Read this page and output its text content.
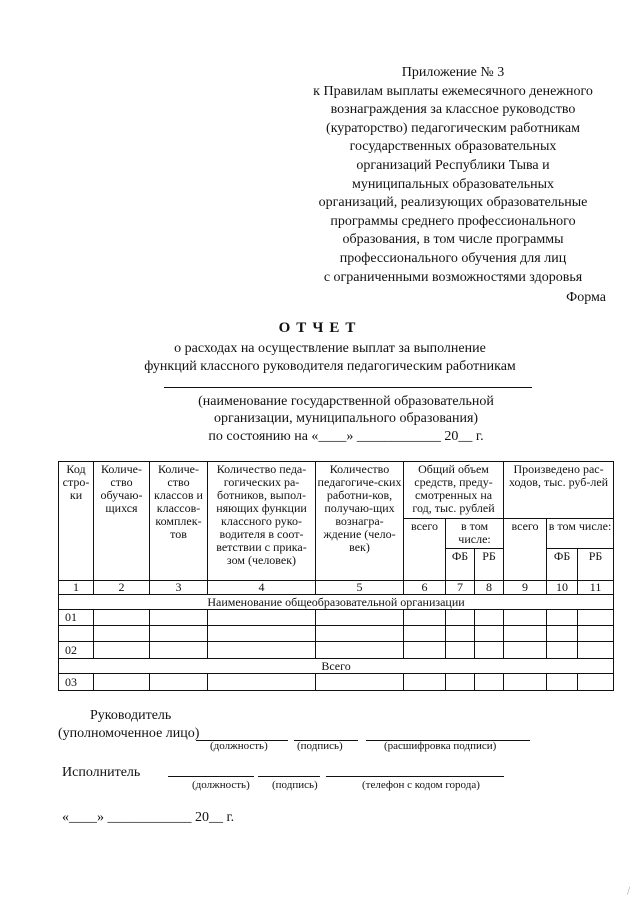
Приложение № 3
к Правилам выплаты ежемесячного денежного
вознаграждения за классное руководство
(кураторство) педагогическим работникам
государственных образовательных
организаций Республики Тыва и
муниципальных образовательных
организаций, реализующих образовательные
программы среднего профессионального
образования, в том числе программы
профессионального обучения для лиц
с ограниченными возможностями здоровья
Форма
ОТЧЕТ
о расходах на осуществление выплат за выполнение
функций классного руководителя педагогическим работникам
(наименование государственной образовательной
организации, муниципального образования)
по состоянию на «____» ____________ 20__ г.
Код стро-ки	Количе-ство обучаю-щихся	Количе-ство классов и классов-комплек-тов	Количество педа-гогических ра-ботников, выпол-няющих функции классного руко-водителя в соот-ветствии с прика-зом (человек)	Количество педагогиче-ских работни-ков, получаю-щих вознагра-ждение (чело-век)	Общий объем средств, преду-смотренных на год, тыс. рублей			Произведено рас-ходов, тыс. руб-лей		
					всего	в том числе:		всего	в том числе:	
						ФБ	РБ		ФБ	РБ
1	2	3	4	5	6	7	8	9	10	11
Наименование общеобразовательной организации										
01										

02										
Всего										
03										
Руководитель
(уполномоченное лицо)
(должность)	(подпись)	(расшифровка подписи)
Исполнитель
(должность) (подпись)	(телефон с кодом города)
«____» ____________ 20__ г.
⁄
